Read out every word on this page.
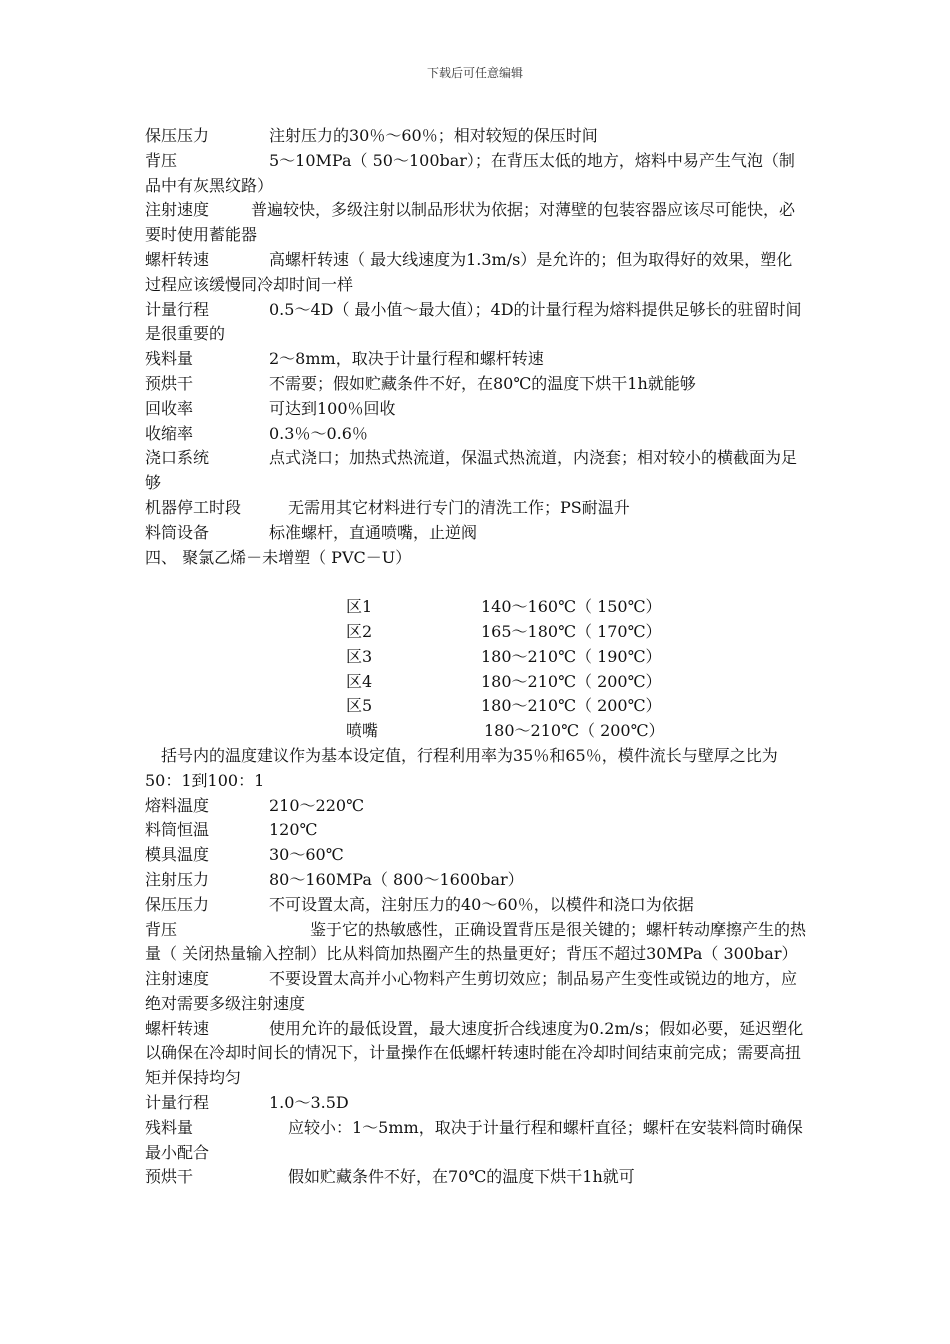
下载后可任意编辑
保压压力	注射压力的30％～60％；相对较短的保压时间
背压	5～10MPa（ 50～100bar）；在背压太低的地方，熔料中易产生气泡（制品中有灰黑纹路）
注射速度	普遍较快，多级注射以制品形状为依据；对薄壁的包装容器应该尽可能快，必要时使用蓄能器
螺杆转速	高螺杆转速（ 最大线速度为1.3m/s）是允许的；但为取得好的效果，塑化过程应该缓慢同冷却时间一样
计量行程	0.5～4D（ 最小值～最大值）；4D的计量行程为熔料提供足够长的驻留时间是很重要的
残料量	2～8mm，取决于计量行程和螺杆转速
预烘干	不需要；假如贮藏条件不好，在80℃的温度下烘干1h就能够
回收率	可达到100％回收
收缩率	0.3％～0.6％
浇口系统	点式浇口；加热式热流道，保温式热流道，内浇套；相对较小的横截面为足够
机器停工时段	无需用其它材料进行专门的清洗工作；PS耐温升
料筒设备	标准螺杆，直通喷嘴，止逆阀
四、 聚氯乙烯－未增塑（ PVC－U）

区1	140～160℃（ 150℃）
区2	165～180℃（ 170℃）
区3	180～210℃（ 190℃）
区4	180～210℃（ 200℃）
区5	180～210℃（ 200℃）
喷嘴	180～210℃（ 200℃）
括号内的温度建议作为基本设定值，行程利用率为35％和65％，模件流长与壁厚之比为50：1到100：1
熔料温度	210～220℃
料筒恒温	120℃
模具温度	30～60℃
注射压力	80～160MPa（ 800～1600bar）
保压压力	不可设置太高，注射压力的40～60％，以模件和浇口为依据
背压	鉴于它的热敏感性，正确设置背压是很关键的；螺杆转动摩擦产生的热量（ 关闭热量输入控制）比从料筒加热圈产生的热量更好；背压不超过30MPa（ 300bar）
注射速度	不要设置太高并小心物料产生剪切效应；制品易产生变性或锐边的地方，应绝对需要多级注射速度
螺杆转速	使用允许的最低设置，最大速度折合线速度为0.2m/s；假如必要，延迟塑化以确保在冷却时间长的情况下，计量操作在低螺杆转速时能在冷却时间结束前完成；需要高扭矩并保持均匀
计量行程	1.0～3.5D
残料量	应较小：1～5mm，取决于计量行程和螺杆直径；螺杆在安装料筒时确保最小配合
预烘干	假如贮藏条件不好，在70℃的温度下烘干1h就可
